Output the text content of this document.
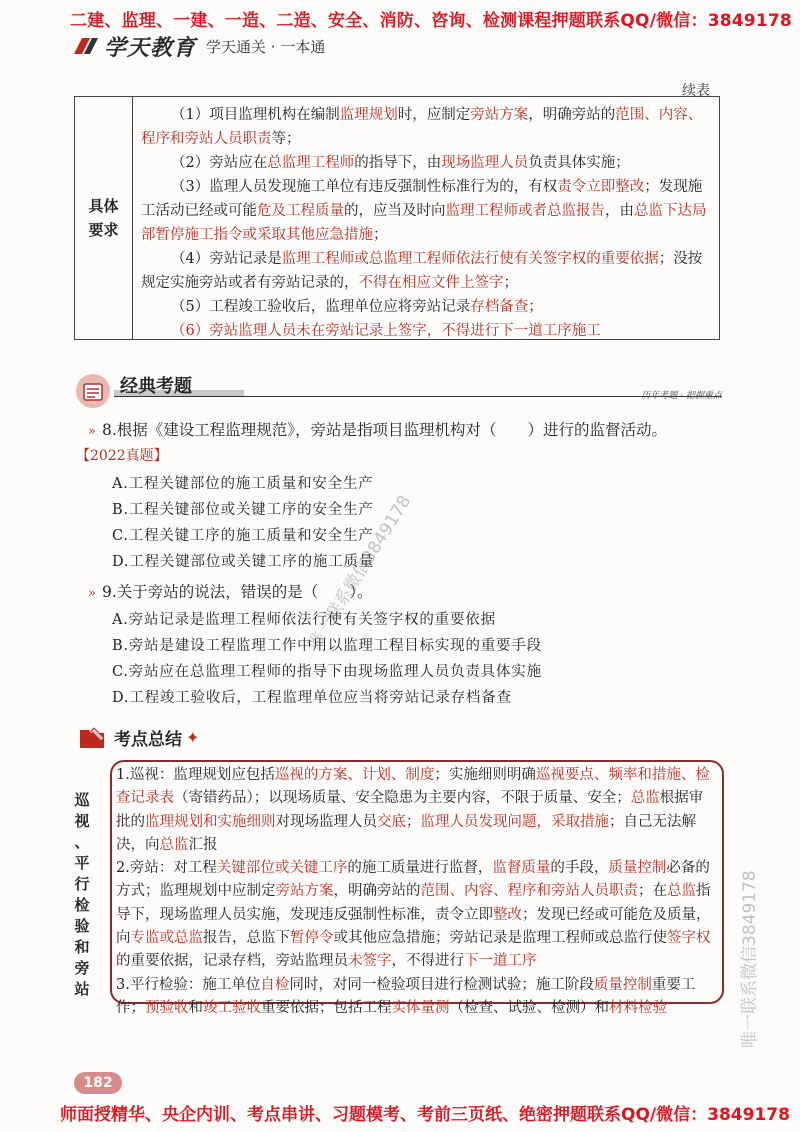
二建、监理、一建、一造、二造、安全、消防、咨询、检测课程押题联系QQ/微信：3849178
学天教育 学天通关 · 一本通
续表
具体
要求

（1）项目监理机构在编制监理规划时，应制定旁站方案，明确旁站的范围、内容、程序和旁站人员职责等；

（2）旁站应在总监理工程师的指导下，由现场监理人员负责具体实施；

（3）监理人员发现施工单位有违反强制性标准行为的，有权责令立即整改；发现施工活动已经或可能危及工程质量的，应当及时向监理工程师或者总监报告，由总监下达局部暂停施工指令或采取其他应急措施；

（4）旁站记录是监理工程师或总监理工程师依法行使有关签字权的重要依据；没按规定实施旁站或者有旁站记录的，不得在相应文件上签字；

（5）工程竣工验收后，监理单位应将旁站记录存档备查；

（6）旁站监理人员未在旁站记录上签字，不得进行下一道工序施工

经典考题	历年考题 · 把握重点
» 8.根据《建设工程监理规范》，旁站是指项目监理机构对（　　）进行的监督活动。
【2022真题】
A.工程关键部位的施工质量和安全生产
B.工程关键部位或关键工序的安全生产
C.工程关键工序的施工质量和安全生产
D.工程关键部位或关键工序的施工质量
» 9.关于旁站的说法，错误的是（　　）。
A.旁站记录是监理工程师依法行使有关签字权的重要依据
B.旁站是建设工程监理工作中用以监理工程目标实现的重要手段
C.旁站应在总监理工程师的指导下由现场监理人员负责具体实施
D.工程竣工验收后，工程监理单位应当将旁站记录存档备查
考点总结 ✦
巡
视
、
平
行
检
验
和
旁
站

1.巡视：监理规划应包括巡视的方案、计划、制度；实施细则明确巡视要点、频率和措施、检查记录表（寄错药品）；以现场质量、安全隐患为主要内容，不限于质量、安全；总监根据审批的监理规划和实施细则对现场监理人员交底；监理人员发现问题，采取措施；自己无法解决，向总监汇报

2.旁站：对工程关键部位或关键工序的施工质量进行监督，监督质量的手段，质量控制必备的方式；监理规划中应制定旁站方案，明确旁站的范围、内容、程序和旁站人员职责；在总监指导下，现场监理人员实施，发现违反强制性标准，责令立即整改；发现已经或可能危及质量，向专监或总监报告，总监下暂停令或其他应急措施；旁站记录是监理工程师或总监行使签字权的重要依据，记录存档，旁站监理员未签字，不得进行下一道工序

3.平行检验：施工单位自检同时，对同一检验项目进行检测试验；施工阶段质量控制重要工作；预验收和竣工验收重要依据；包括工程实体量测（检查、试验、检测）和材料检验

唯一联系微信3849178
唯一联系微信3849178
182
师面授精华、央企内训、考点串讲、习题模考、考前三页纸、绝密押题联系QQ/微信：3849178
